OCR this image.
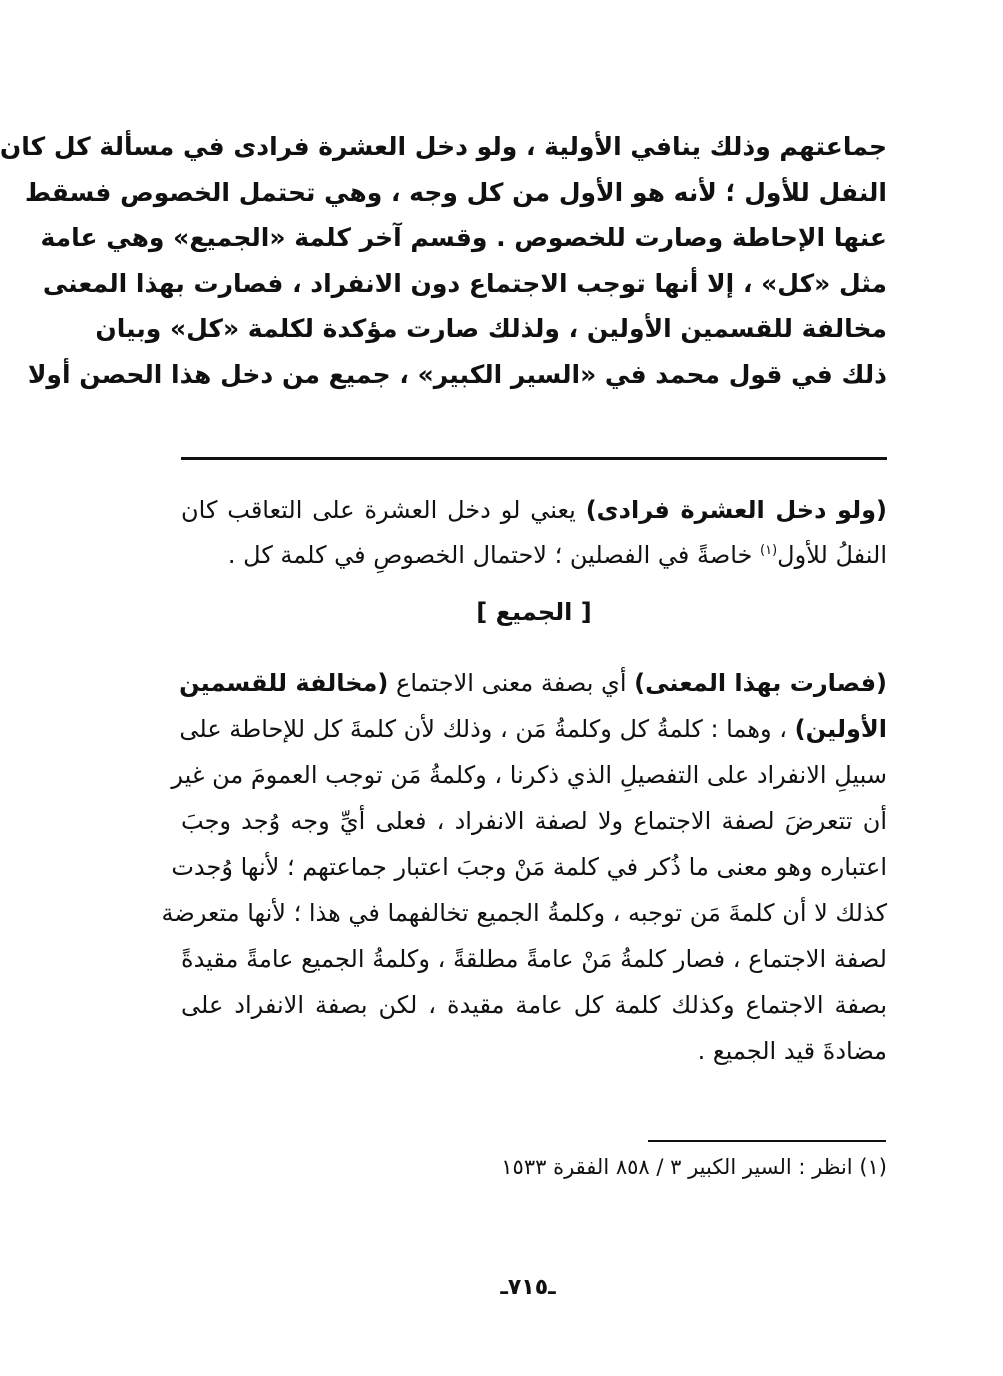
جماعتهم وذلك ينافي الأولية ، ولو دخل العشرة فرادى في مسألة كل كان
النفل للأول ؛ لأنه هو الأول من كل وجه ، وهي تحتمل الخصوص فسقط
عنها الإحاطة وصارت للخصوص . وقسم آخر كلمة «الجميع» وهي عامة
مثل «كل» ، إلا أنها توجب الاجتماع دون الانفراد ، فصارت بهذا المعنى
مخالفة للقسمين الأولين ، ولذلك صارت مؤكدة لكلمة «كل» وبيان
ذلك في قول محمد في «السير الكبير» ، جميع من دخل هذا الحصن أولا
(ولو دخل العشرة فرادى) يعني لو دخل العشرة على التعاقب كان
النفلُ للأول$^{(١)}$ خاصةً في الفصلين ؛ لاحتمال الخصوصِ في كلمة كل .
[ الجميع ]
(فصارت بهذا المعنى) أي بصفة معنى الاجتماع (مخالفة للقسمين
الأولين) ، وهما : كلمةُ كل وكلمةُ مَن ، وذلك لأن كلمةَ كل للإحاطة على
سبيلِ الانفراد على التفصيلِ الذي ذكرنا ، وكلمةُ مَن توجب العمومَ من غير
أن تتعرضَ لصفة الاجتماع ولا لصفة الانفراد ، فعلى أيِّ وجه وُجد وجبَ
اعتباره وهو معنى ما ذُكر في كلمة مَنْ وجبَ اعتبار جماعتهم ؛ لأنها وُجدت
كذلك لا أن كلمةَ مَن توجبه ، وكلمةُ الجميع تخالفهما في هذا ؛ لأنها متعرضة
لصفة الاجتماع ، فصار كلمةُ مَنْ عامةً مطلقةً ، وكلمةُ الجميع عامةً مقيدةً
بصفة الاجتماع وكذلك كلمة كل عامة مقيدة ، لكن بصفة الانفراد على
مضادةَ قيد الجميع .
(١) انظر : السير الكبير ٣ / ٨٥٨ الفقرة ١٥٣٣
ـ٧١٥ـ
